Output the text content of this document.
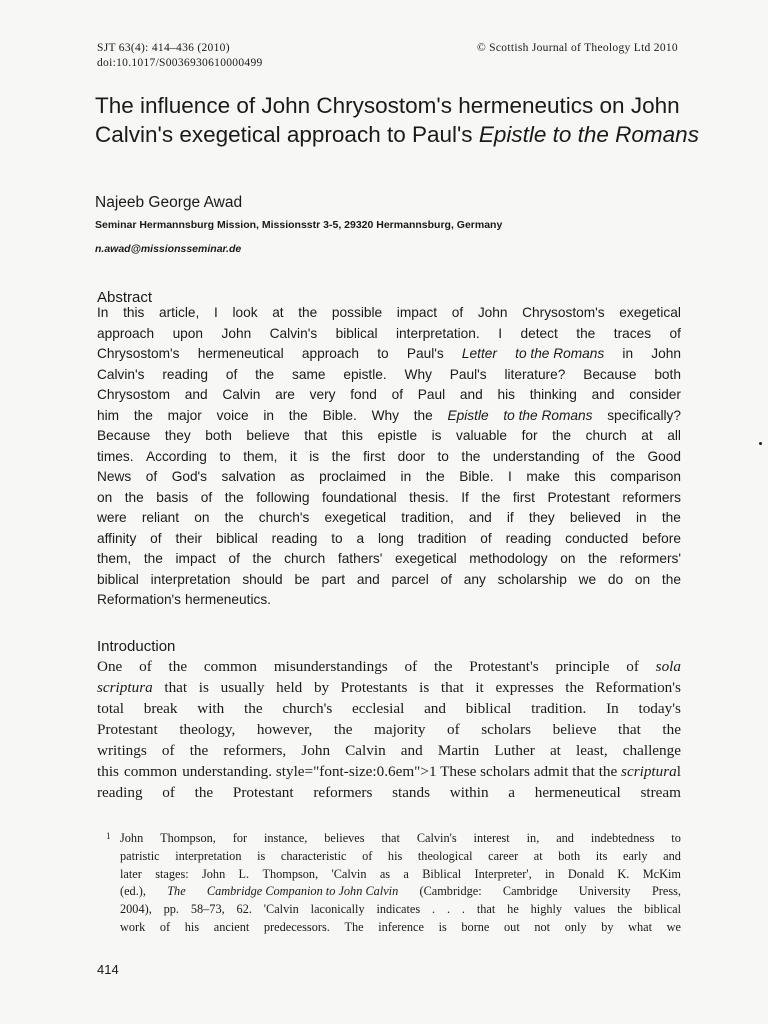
SJT 63(4): 414–436 (2010)
doi:10.1017/S0036930610000499
© Scottish Journal of Theology Ltd 2010
The influence of John Chrysostom's hermeneutics on John Calvin's exegetical approach to Paul's Epistle to the Romans
Najeeb George Awad
Seminar Hermannsburg Mission, Missionsstr 3-5, 29320 Hermannsburg, Germany
n.awad@missionsseminar.de
Abstract
In this article, I look at the possible impact of John Chrysostom's exegetical
approach upon John Calvin's biblical interpretation. I detect the traces of
Chrysostom's hermeneutical approach to Paul's Letter to the Romans in John
Calvin's reading of the same epistle. Why Paul's literature? Because both
Chrysostom and Calvin are very fond of Paul and his thinking and consider
him the major voice in the Bible. Why the Epistle to the Romans specifically?
Because they both believe that this epistle is valuable for the church at all
times. According to them, it is the first door to the understanding of the Good
News of God's salvation as proclaimed in the Bible. I make this comparison
on the basis of the following foundational thesis. If the first Protestant reformers
were reliant on the church's exegetical tradition, and if they believed in the
affinity of their biblical reading to a long tradition of reading conducted before
them, the impact of the church fathers' exegetical methodology on the reformers'
biblical interpretation should be part and parcel of any scholarship we do on the
Reformation's hermeneutics.
Introduction
One of the common misunderstandings of the Protestant's principle of sola
scriptura that is usually held by Protestants is that it expresses the Reformation's
total break with the church's ecclesial and biblical tradition. In today's
Protestant theology, however, the majority of scholars believe that the
writings of the reformers, John Calvin and Martin Luther at least, challenge
this common understanding. style="font-size:0.6em">1 These scholars admit that the scriptural
reading of the Protestant reformers stands within a hermeneutical stream
1 John Thompson, for instance, believes that Calvin's interest in, and indebtedness to
patristic interpretation is characteristic of his theological career at both its early and
later stages: John L. Thompson, 'Calvin as a Biblical Interpreter', in Donald K. McKim
(ed.), The Cambridge Companion to John Calvin (Cambridge: Cambridge University Press,
2004), pp. 58–73, 62. 'Calvin laconically indicates . . . that he highly values the biblical
work of his ancient predecessors. The inference is borne out not only by what we
414
